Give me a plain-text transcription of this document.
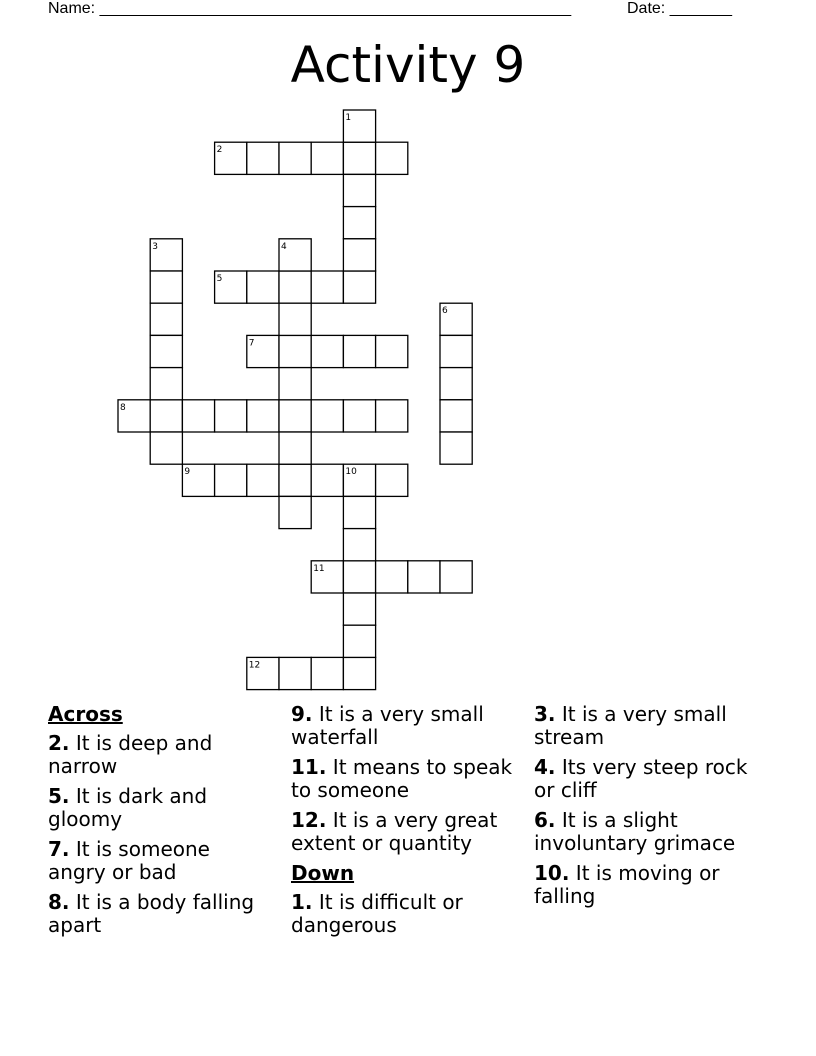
Name: _____________________________________________________	Date: _______
Activity 9
1
2
3	4
5
6
7
8
9	10
11
12
Across
2. It is deep and narrow
5. It is dark and gloomy
7. It is someone angry or bad
8. It is a body falling apart
9. It is a very small waterfall
11. It means to speak to someone
12. It is a very great extent or quantity
Down
1. It is difficult or dangerous
3. It is a very small stream
4. Its very steep rock or cliff
6. It is a slight involuntary grimace
10. It is moving or falling
